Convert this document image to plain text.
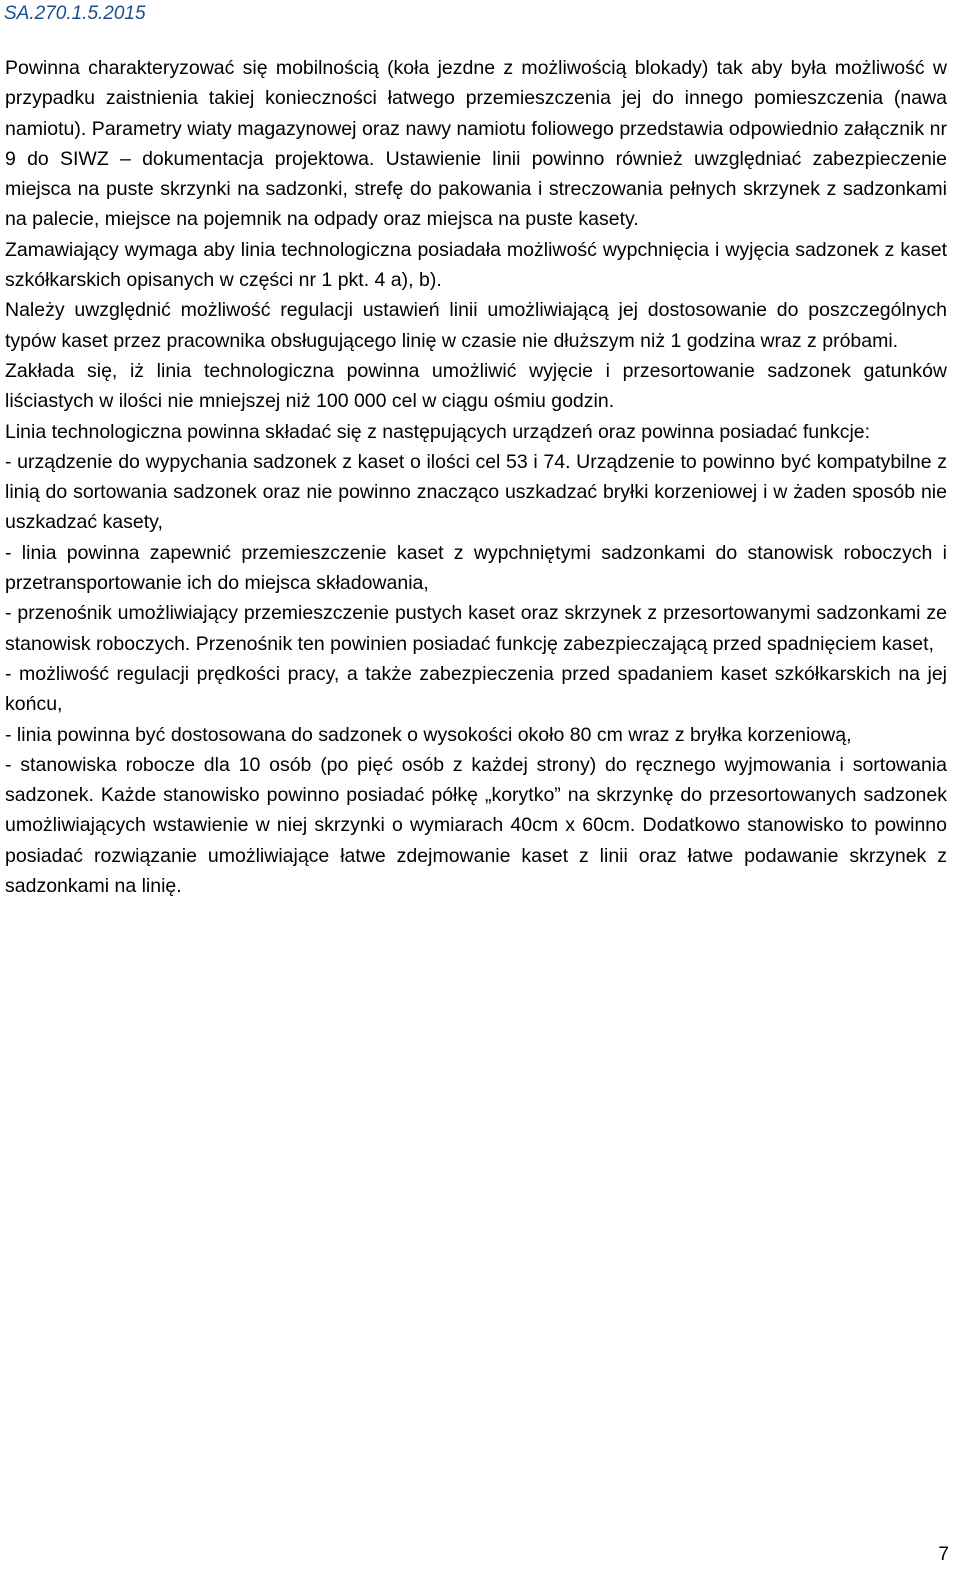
SA.270.1.5.2015

Powinna charakteryzować się mobilnością (koła jezdne z możliwością blokady) tak aby była możliwość w przypadku zaistnienia takiej konieczności łatwego przemieszczenia jej do innego pomieszczenia (nawa namiotu). Parametry wiaty magazynowej oraz nawy namiotu foliowego przedstawia odpowiednio załącznik nr 9 do SIWZ – dokumentacja projektowa. Ustawienie linii powinno również uwzględniać zabezpieczenie miejsca na puste skrzynki na sadzonki, strefę do pakowania i streczowania pełnych skrzynek z sadzonkami na palecie, miejsce na pojemnik na odpady oraz miejsca na puste kasety.

Zamawiający wymaga aby linia technologiczna posiadała możliwość wypchnięcia i wyjęcia sadzonek z kaset szkółkarskich opisanych w części nr 1 pkt. 4 a), b).

Należy uwzględnić możliwość regulacji ustawień linii umożliwiającą jej dostosowanie do poszczególnych typów kaset przez pracownika obsługującego linię w czasie nie dłuższym niż 1 godzina wraz z próbami.

Zakłada się, iż linia technologiczna powinna umożliwić wyjęcie i przesortowanie sadzonek gatunków liściastych w ilości nie mniejszej niż 100 000 cel w ciągu ośmiu godzin.

Linia technologiczna powinna składać się z następujących urządzeń oraz powinna posiadać funkcje:

- urządzenie do wypychania sadzonek z kaset o ilości cel 53 i 74. Urządzenie to powinno być kompatybilne z linią do sortowania sadzonek oraz nie powinno znacząco uszkadzać bryłki korzeniowej i w żaden sposób nie uszkadzać kasety,

- linia powinna zapewnić przemieszczenie kaset z wypchniętymi sadzonkami do stanowisk roboczych i przetransportowanie ich do miejsca składowania,

- przenośnik umożliwiający przemieszczenie pustych kaset oraz skrzynek z przesortowanymi sadzonkami ze stanowisk roboczych. Przenośnik ten powinien posiadać funkcję zabezpieczającą przed spadnięciem kaset,

- możliwość regulacji prędkości pracy, a także zabezpieczenia przed spadaniem kaset szkółkarskich na jej końcu,

- linia powinna być dostosowana do sadzonek o wysokości około 80 cm wraz z bryłka korzeniową,

- stanowiska robocze dla 10 osób (po pięć osób z każdej strony) do ręcznego wyjmowania i sortowania sadzonek. Każde stanowisko powinno posiadać półkę „korytko” na skrzynkę do przesortowanych sadzonek umożliwiających wstawienie w niej skrzynki o wymiarach 40cm x 60cm. Dodatkowo stanowisko to powinno posiadać rozwiązanie umożliwiające łatwe zdejmowanie kaset z linii oraz łatwe podawanie skrzynek z sadzonkami na linię.

7
